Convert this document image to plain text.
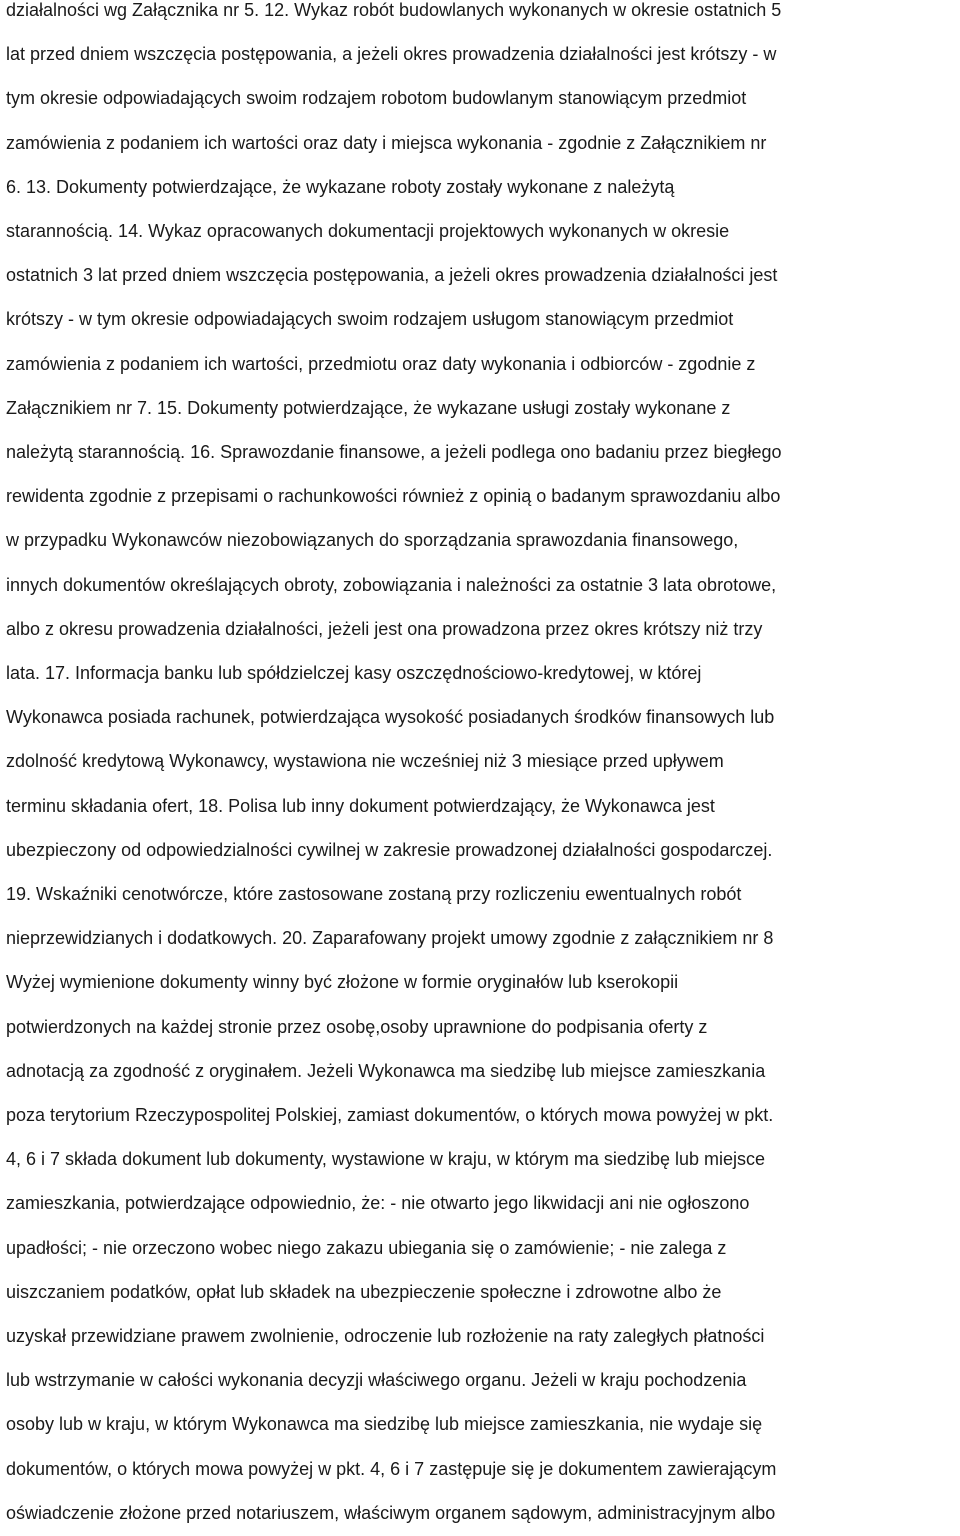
działalności wg Załącznika nr 5. 12. Wykaz robót budowlanych wykonanych w okresie ostatnich 5
lat przed dniem wszczęcia postępowania, a jeżeli okres prowadzenia działalności jest krótszy - w
tym okresie odpowiadających swoim rodzajem robotom budowlanym stanowiącym przedmiot
zamówienia z podaniem ich wartości oraz daty i miejsca wykonania - zgodnie z Załącznikiem nr
6. 13. Dokumenty potwierdzające, że wykazane roboty zostały wykonane z należytą
starannością. 14. Wykaz opracowanych dokumentacji projektowych wykonanych w okresie
ostatnich 3 lat przed dniem wszczęcia postępowania, a jeżeli okres prowadzenia działalności jest
krótszy - w tym okresie odpowiadających swoim rodzajem usługom stanowiącym przedmiot
zamówienia z podaniem ich wartości, przedmiotu oraz daty wykonania i odbiorców - zgodnie z
Załącznikiem nr 7. 15. Dokumenty potwierdzające, że wykazane usługi zostały wykonane z
należytą starannością. 16. Sprawozdanie finansowe, a jeżeli podlega ono badaniu przez biegłego
rewidenta zgodnie z przepisami o rachunkowości również z opinią o badanym sprawozdaniu albo
w przypadku Wykonawców niezobowiązanych do sporządzania sprawozdania finansowego,
innych dokumentów określających obroty, zobowiązania i należności za ostatnie 3 lata obrotowe,
albo z okresu prowadzenia działalności, jeżeli jest ona prowadzona przez okres krótszy niż trzy
lata. 17. Informacja banku lub spółdzielczej kasy oszczędnościowo-kredytowej, w której
Wykonawca posiada rachunek, potwierdzająca wysokość posiadanych środków finansowych lub
zdolność kredytową Wykonawcy, wystawiona nie wcześniej niż 3 miesiące przed upływem
terminu składania ofert, 18. Polisa lub inny dokument potwierdzający, że Wykonawca jest
ubezpieczony od odpowiedzialności cywilnej w zakresie prowadzonej działalności gospodarczej.
19. Wskaźniki cenotwórcze, które zastosowane zostaną przy rozliczeniu ewentualnych robót
nieprzewidzianych i dodatkowych. 20. Zaparafowany projekt umowy zgodnie z załącznikiem nr 8
Wyżej wymienione dokumenty winny być złożone w formie oryginałów lub kserokopii
potwierdzonych na każdej stronie przez osobę,osoby uprawnione do podpisania oferty z
adnotacją za zgodność z oryginałem. Jeżeli Wykonawca ma siedzibę lub miejsce zamieszkania
poza terytorium Rzeczypospolitej Polskiej, zamiast dokumentów, o których mowa powyżej w pkt.
4, 6 i 7 składa dokument lub dokumenty, wystawione w kraju, w którym ma siedzibę lub miejsce
zamieszkania, potwierdzające odpowiednio, że: - nie otwarto jego likwidacji ani nie ogłoszono
upadłości; - nie orzeczono wobec niego zakazu ubiegania się o zamówienie; - nie zalega z
uiszczaniem podatków, opłat lub składek na ubezpieczenie społeczne i zdrowotne albo że
uzyskał przewidziane prawem zwolnienie, odroczenie lub rozłożenie na raty zaległych płatności
lub wstrzymanie w całości wykonania decyzji właściwego organu. Jeżeli w kraju pochodzenia
osoby lub w kraju, w którym Wykonawca ma siedzibę lub miejsce zamieszkania, nie wydaje się
dokumentów, o których mowa powyżej w pkt. 4, 6 i 7 zastępuje się je dokumentem zawierającym
oświadczenie złożone przed notariuszem, właściwym organem sądowym, administracyjnym albo
